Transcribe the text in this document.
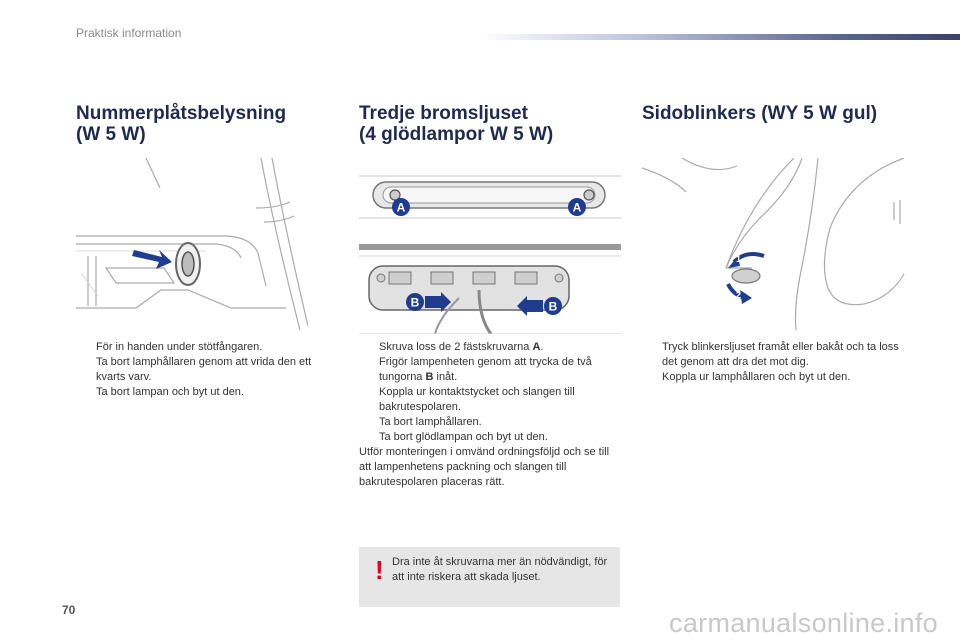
Praktisk information
Nummerplåtsbelysning
(W 5 W)
För in handen under stötfångaren.
Ta bort lamphållaren genom att vrida den ett kvarts varv.
Ta bort lampan och byt ut den.
Tredje bromsljuset
(4 glödlampor W 5 W)
A	A
B	B
Skruva loss de 2 fästskruvarna A.
Frigör lampenheten genom att trycka de två tungorna B inåt.
Koppla ur kontaktstycket och slangen till bakrutespolaren.
Ta bort lamphållaren.
Ta bort glödlampan och byt ut den.
Utför monteringen i omvänd ordningsföljd och se till att lampenhetens packning och slangen till bakrutespolaren placeras rätt.
! Dra inte åt skruvarna mer än nödvändigt, för att inte riskera att skada ljuset.
Sidoblinkers (WY 5 W gul)
1
2
Tryck blinkersljuset framåt eller bakåt och ta loss det genom att dra det mot dig.
Koppla ur lamphållaren och byt ut den.
70	carmanualsonline.info
